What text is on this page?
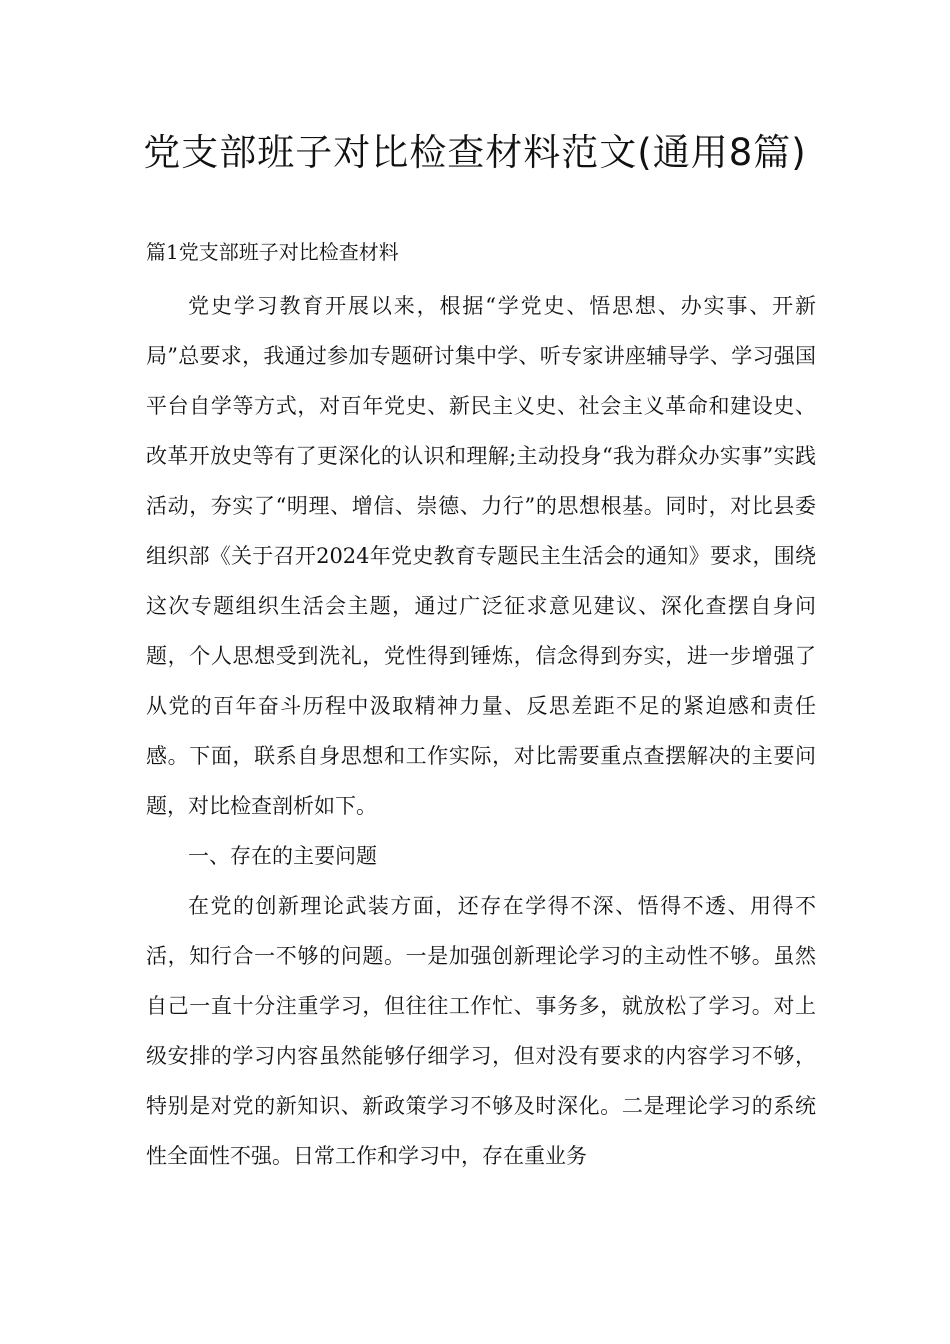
党支部班子对比检查材料范文(通用8篇)
篇1党支部班子对比检查材料

党史学习教育开展以来，根据“学党史、悟思想、办实事、开新局”总要求，我通过参加专题研讨集中学、听专家讲座辅导学、学习强国平台自学等方式，对百年党史、新民主义史、社会主义革命和建设史、改革开放史等有了更深化的认识和理解;主动投身“我为群众办实事”实践活动，夯实了“明理、增信、崇德、力行”的思想根基。同时，对比县委组织部《关于召开2024年党史教育专题民主生活会的通知》要求，围绕这次专题组织生活会主题，通过广泛征求意见建议、深化查摆自身问题，个人思想受到洗礼，党性得到锤炼，信念得到夯实，进一步增强了从党的百年奋斗历程中汲取精神力量、反思差距不足的紧迫感和责任感。下面，联系自身思想和工作实际，对比需要重点查摆解决的主要问题，对比检查剖析如下。

一、存在的主要问题

在党的创新理论武装方面，还存在学得不深、悟得不透、用得不活，知行合一不够的问题。一是加强创新理论学习的主动性不够。虽然自己一直十分注重学习，但往往工作忙、事务多，就放松了学习。对上级安排的学习内容虽然能够仔细学习，但对没有要求的内容学习不够，特别是对党的新知识、新政策学习不够及时深化。二是理论学习的系统性全面性不强。日常工作和学习中，存在重业务
